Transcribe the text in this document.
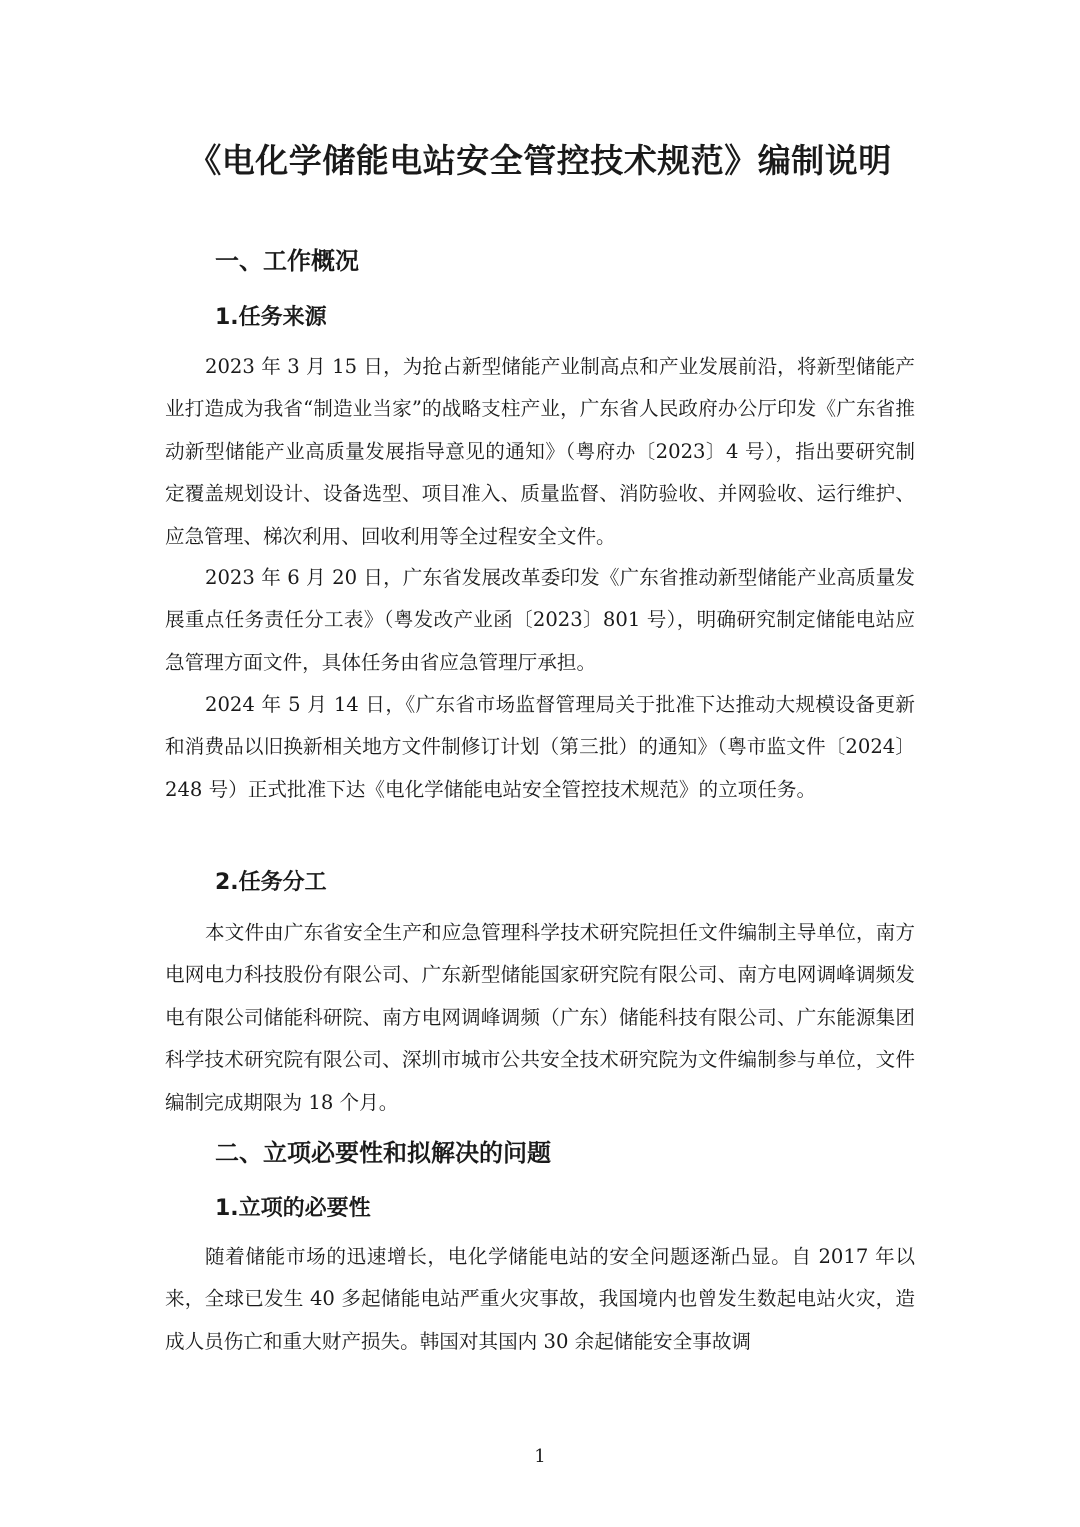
《电化学储能电站安全管控技术规范》编制说明
一、工作概况
1.任务来源

2023 年 3 月 15 日，为抢占新型储能产业制高点和产业发展前沿，将新型储能产业打造成为我省“制造业当家”的战略支柱产业，广东省人民政府办公厅印发《广东省推动新型储能产业高质量发展指导意见的通知》（粤府办〔2023〕4 号），指出要研究制定覆盖规划设计、设备选型、项目准入、质量监督、消防验收、并网验收、运行维护、应急管理、梯次利用、回收利用等全过程安全文件。

2023 年 6 月 20 日，广东省发展改革委印发《广东省推动新型储能产业高质量发展重点任务责任分工表》（粤发改产业函〔2023〕801 号），明确研究制定储能电站应急管理方面文件，具体任务由省应急管理厅承担。

2024 年 5 月 14 日，《广东省市场监督管理局关于批准下达推动大规模设备更新和消费品以旧换新相关地方文件制修订计划（第三批）的通知》（粤市监文件〔2024〕248 号）正式批准下达《电化学储能电站安全管控技术规范》的立项任务。

2.任务分工

本文件由广东省安全生产和应急管理科学技术研究院担任文件编制主导单位，南方电网电力科技股份有限公司、广东新型储能国家研究院有限公司、南方电网调峰调频发电有限公司储能科研院、南方电网调峰调频（广东）储能科技有限公司、广东能源集团科学技术研究院有限公司、深圳市城市公共安全技术研究院为文件编制参与单位，文件编制完成期限为 18 个月。

二、立项必要性和拟解决的问题
1.立项的必要性

随着储能市场的迅速增长，电化学储能电站的安全问题逐渐凸显。自 2017 年以来，全球已发生 40 多起储能电站严重火灾事故，我国境内也曾发生数起电站火灾，造成人员伤亡和重大财产损失。韩国对其国内 30 余起储能安全事故调

1
